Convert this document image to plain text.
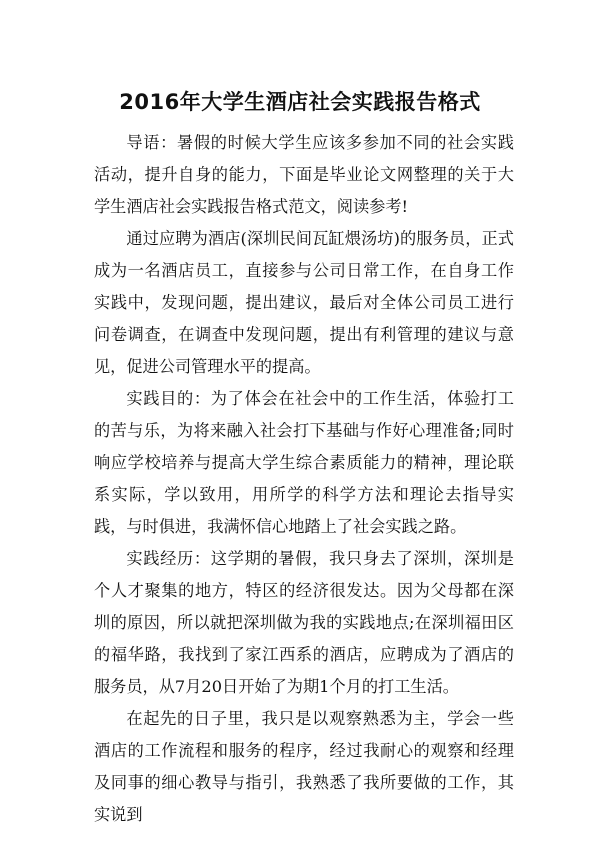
2016年大学生酒店社会实践报告格式

导语：暑假的时候大学生应该多参加不同的社会实践活动，提升自身的能力，下面是毕业论文网整理的关于大学生酒店社会实践报告格式范文，阅读参考!

通过应聘为酒店(深圳民间瓦缸煨汤坊)的服务员，正式成为一名酒店员工，直接参与公司日常工作，在自身工作实践中，发现问题，提出建议，最后对全体公司员工进行问卷调查，在调查中发现问题，提出有利管理的建议与意见，促进公司管理水平的提高。

实践目的：为了体会在社会中的工作生活，体验打工的苦与乐，为将来融入社会打下基础与作好心理准备;同时响应学校培养与提高大学生综合素质能力的精神，理论联系实际，学以致用，用所学的科学方法和理论去指导实践，与时俱进，我满怀信心地踏上了社会实践之路。

实践经历：这学期的暑假，我只身去了深圳，深圳是个人才聚集的地方，特区的经济很发达。因为父母都在深圳的原因，所以就把深圳做为我的实践地点;在深圳福田区的福华路，我找到了家江西系的酒店，应聘成为了酒店的服务员，从7月20日开始了为期1个月的打工生活。

在起先的日子里，我只是以观察熟悉为主，学会一些酒店的工作流程和服务的程序，经过我耐心的观察和经理及同事的细心教导与指引，我熟悉了我所要做的工作，其实说到
